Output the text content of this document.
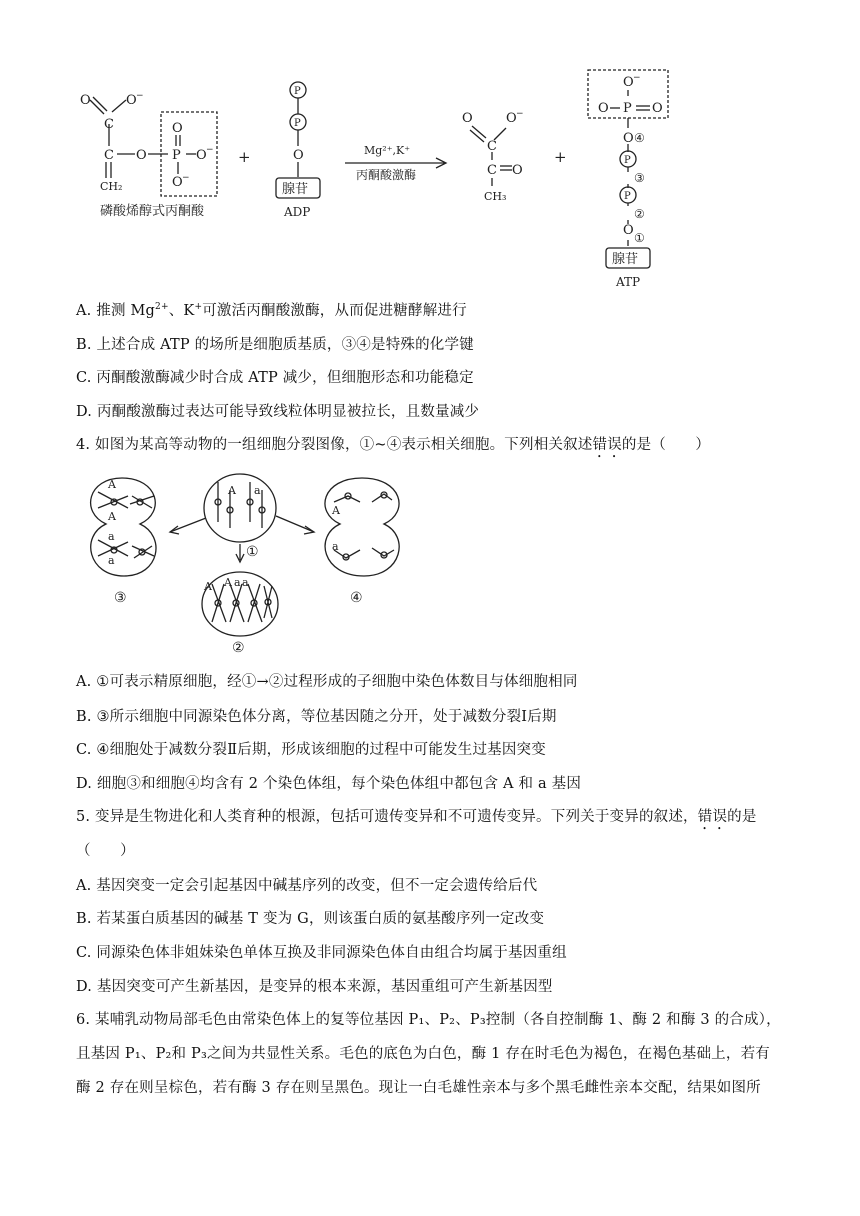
O	O −
C
C O
O
P O −
O −
CH₂
磷酸烯醇式丙酮酸
+
P
P
O
腺苷
ADP
Mg²⁺,K⁺
丙酮酸激酶
O	O −
C
C O
CH₃
+
O −
O P O
O ④
P
③
P
②
O ①
腺苷
ATP
A. 推测 $Mg^{2+}$、K+可激活丙酮酸激酶，从而促进糖酵解进行
B. 上述合成 ATP 的场所是细胞质基质，③④是特殊的化学键
C. 丙酮酸激酶减少时合成 ATP 减少，但细胞形态和功能稳定
D. 丙酮酸激酶过表达可能导致线粒体明显被拉长，且数量减少
4. 如图为某高等动物的一组细胞分裂图像，①~④表示相关细胞。下列相关叙述错误的是（　　）
A
A
a
a
A a
A A a a
A
a
①
②
③	④
A. ①可表示精原细胞，经①→②过程形成的子细胞中染色体数目与体细胞相同
B. ③所示细胞中同源染色体分离，等位基因随之分开，处于减数分裂Ⅰ后期
C. ④细胞处于减数分裂Ⅱ后期，形成该细胞的过程中可能发生过基因突变
D. 细胞③和细胞④均含有 2 个染色体组，每个染色体组中都包含 A 和 a 基因
5. 变异是生物进化和人类育种的根源，包括可遗传变异和不可遗传变异。下列关于变异的叙述，错误的是
（　　）
A. 基因突变一定会引起基因中碱基序列的改变，但不一定会遗传给后代
B. 若某蛋白质基因的碱基 T 变为 G，则该蛋白质的氨基酸序列一定改变
C. 同源染色体非姐妹染色单体互换及非同源染色体自由组合均属于基因重组
D. 基因突变可产生新基因，是变异的根本来源，基因重组可产生新基因型
6. 某哺乳动物局部毛色由常染色体上的复等位基因 P₁、P₂、P₃控制（各自控制酶 1、酶 2 和酶 3 的合成），
且基因 P₁、P₂和 P₃之间为共显性关系。毛色的底色为白色，酶 1 存在时毛色为褐色，在褐色基础上，若有
酶 2 存在则呈棕色，若有酶 3 存在则呈黑色。现让一白毛雄性亲本与多个黑毛雌性亲本交配，结果如图所
